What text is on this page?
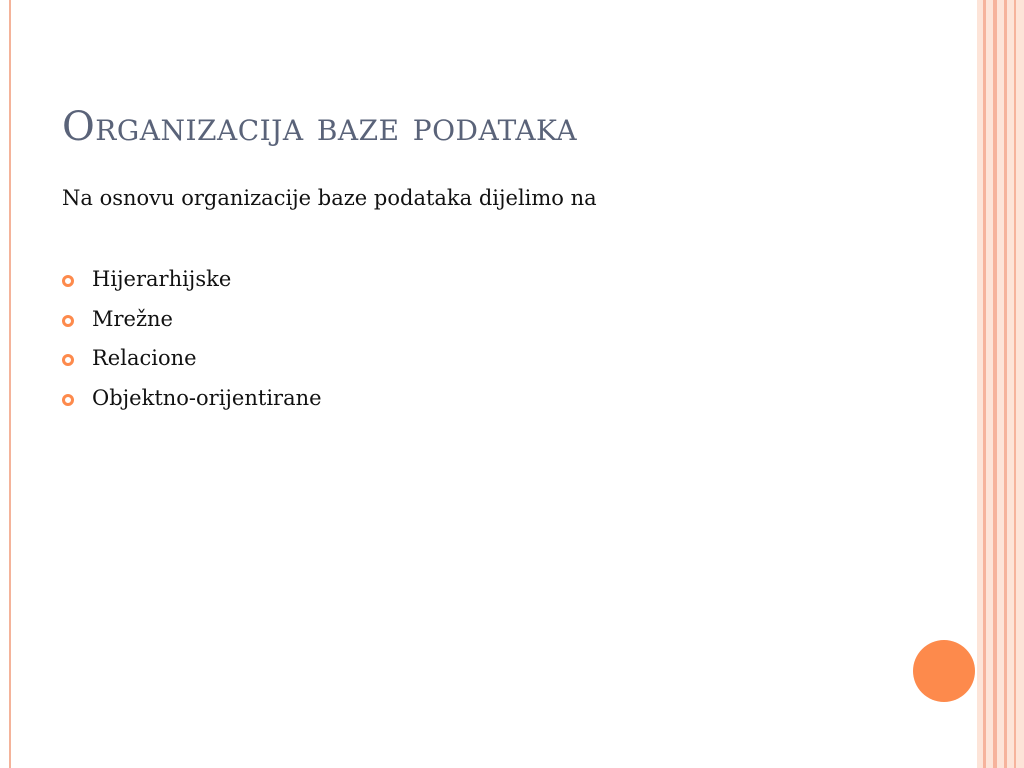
Organizacija baze podataka
Na osnovu organizacije baze podataka dijelimo na
Hijerarhijske
Mrežne
Relacione
Objektno-orijentirane
